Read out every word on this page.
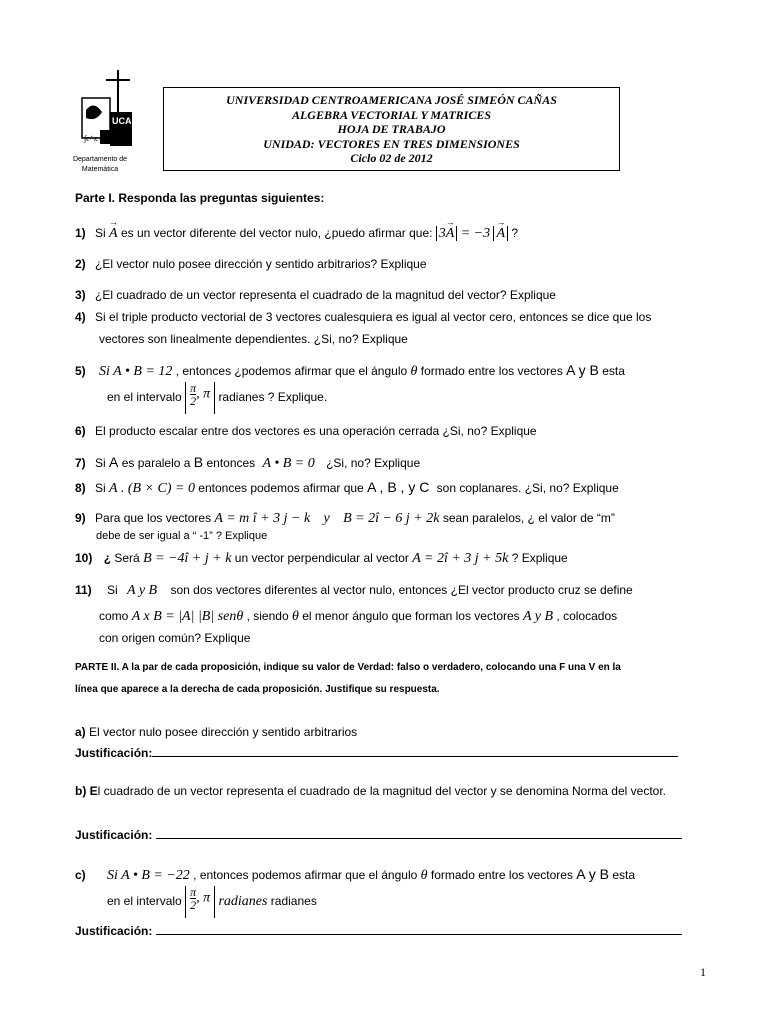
∫e^x dx
UCA
Departamento de
Matemática
UNIVERSIDAD CENTROAMERICANA JOSÉ SIMEÓN CAÑAS
ALGEBRA VECTORIAL Y MATRICES
HOJA DE TRABAJO
UNIDAD: VECTORES EN TRES DIMENSIONES
Ciclo 02 de 2012
Parte I. Responda las preguntas siguientes:
1) Si → A es un vector diferente del vector nulo, ¿puedo afirmar que: 3→ A = −3 → A ?
2) ¿El vector nulo posee dirección y sentido arbitrarios? Explique
3) ¿El cuadrado de un vector representa el cuadrado de la magnitud del vector? Explique
4) Si el triple producto vectorial de 3 vectores cualesquiera es igual al vector cero, entonces se dice que los
vectores son linealmente dependientes. ¿Si, no? Explique
5) Si A • B = 12 , entonces ¿podemos afirmar que el ángulo θ formado entre los vectores A y B esta
en el intervalo $\frac{\pi}{2}$, π radianes ? Explique.
6) El producto escalar entre dos vectores es una operación cerrada ¿Si, no? Explique
7) Si A es paralelo a B entonces A • B = 0 ¿Si, no? Explique
8) Si A . (B × C) = 0 entonces podemos afirmar que A , B , y C son coplanares. ¿Si, no? Explique
9) Para que los vectores A = m î + 3 j − k y B = 2î − 6 j + 2k sean paralelos, ¿ el valor de “m”
debe de ser igual a “ -1” ? Explique
10) ¿ Será B = −4î + j + k un vector perpendicular al vector A = 2î + 3 j + 5k ? Explique
11) Si A y B son dos vectores diferentes al vector nulo, entonces ¿El vector producto cruz se define
como A x B = |A| |B| senθ , siendo θ el menor ángulo que forman los vectores A y B , colocados
con origen común? Explique
PARTE II. A la par de cada proposición, indique su valor de Verdad: falso o verdadero, colocando una F una V en la
línea que aparece a la derecha de cada proposición. Justifique su respuesta.
a) El vector nulo posee dirección y sentido arbitrarios
Justificación:
b) El cuadrado de un vector representa el cuadrado de la magnitud del vector y se denomina Norma del vector.
Justificación:
c) Si A • B = −22 , entonces podemos afirmar que el ángulo θ formado entre los vectores A y B esta
en el intervalo $\frac{\pi}{2}$, π radianes radianes
Justificación:
1
